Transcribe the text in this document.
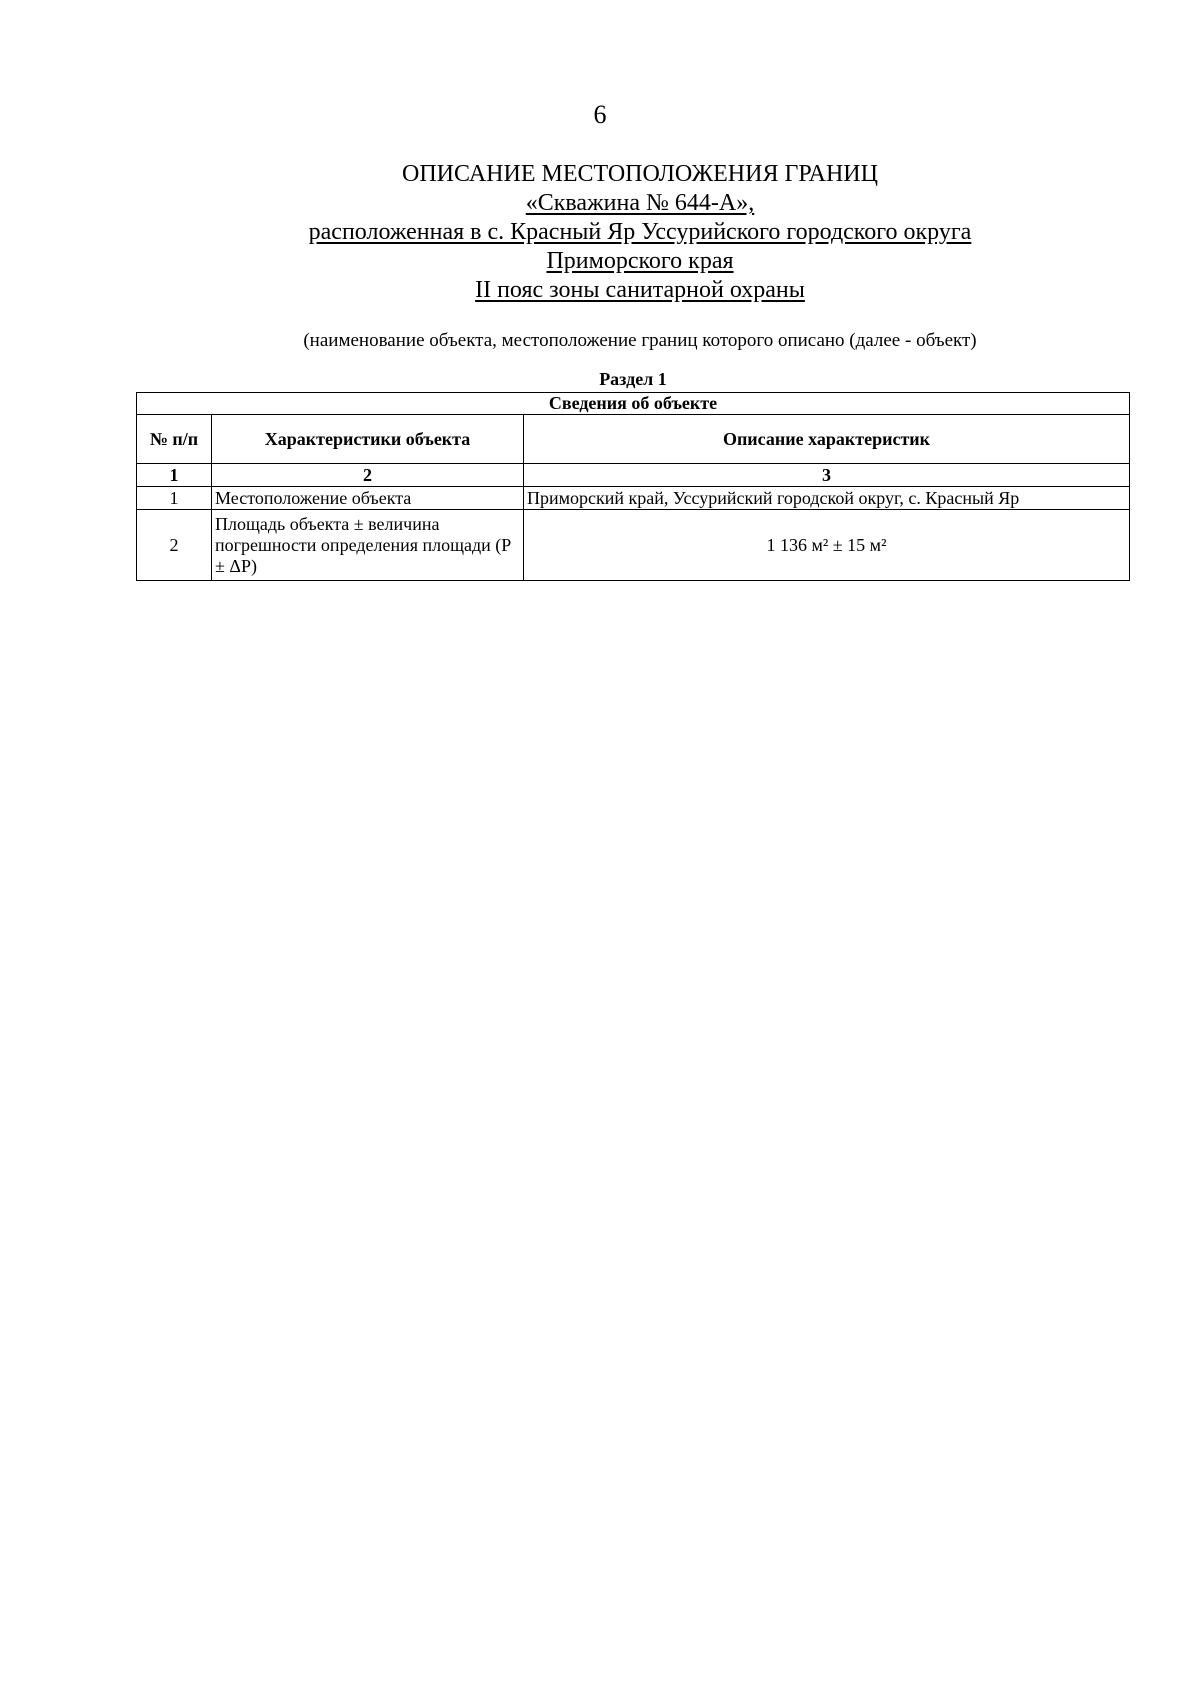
6
ОПИСАНИЕ МЕСТОПОЛОЖЕНИЯ ГРАНИЦ
«Скважина № 644-А»,
расположенная в с. Красный Яр Уссурийского городского округа
Приморского края
II пояс зоны санитарной охраны
(наименование объекта, местоположение границ которого описано (далее - объект)
Раздел 1
Сведения об объекте		
№ п/п	Характеристики объекта	Описание характеристик
1	2	3
1	Местоположение объекта	Приморский край, Уссурийский городской округ, с. Красный Яр
2	Площадь объекта ± величина погрешности определения площади (P ± ΔP)	1 136 м² ± 15 м²
